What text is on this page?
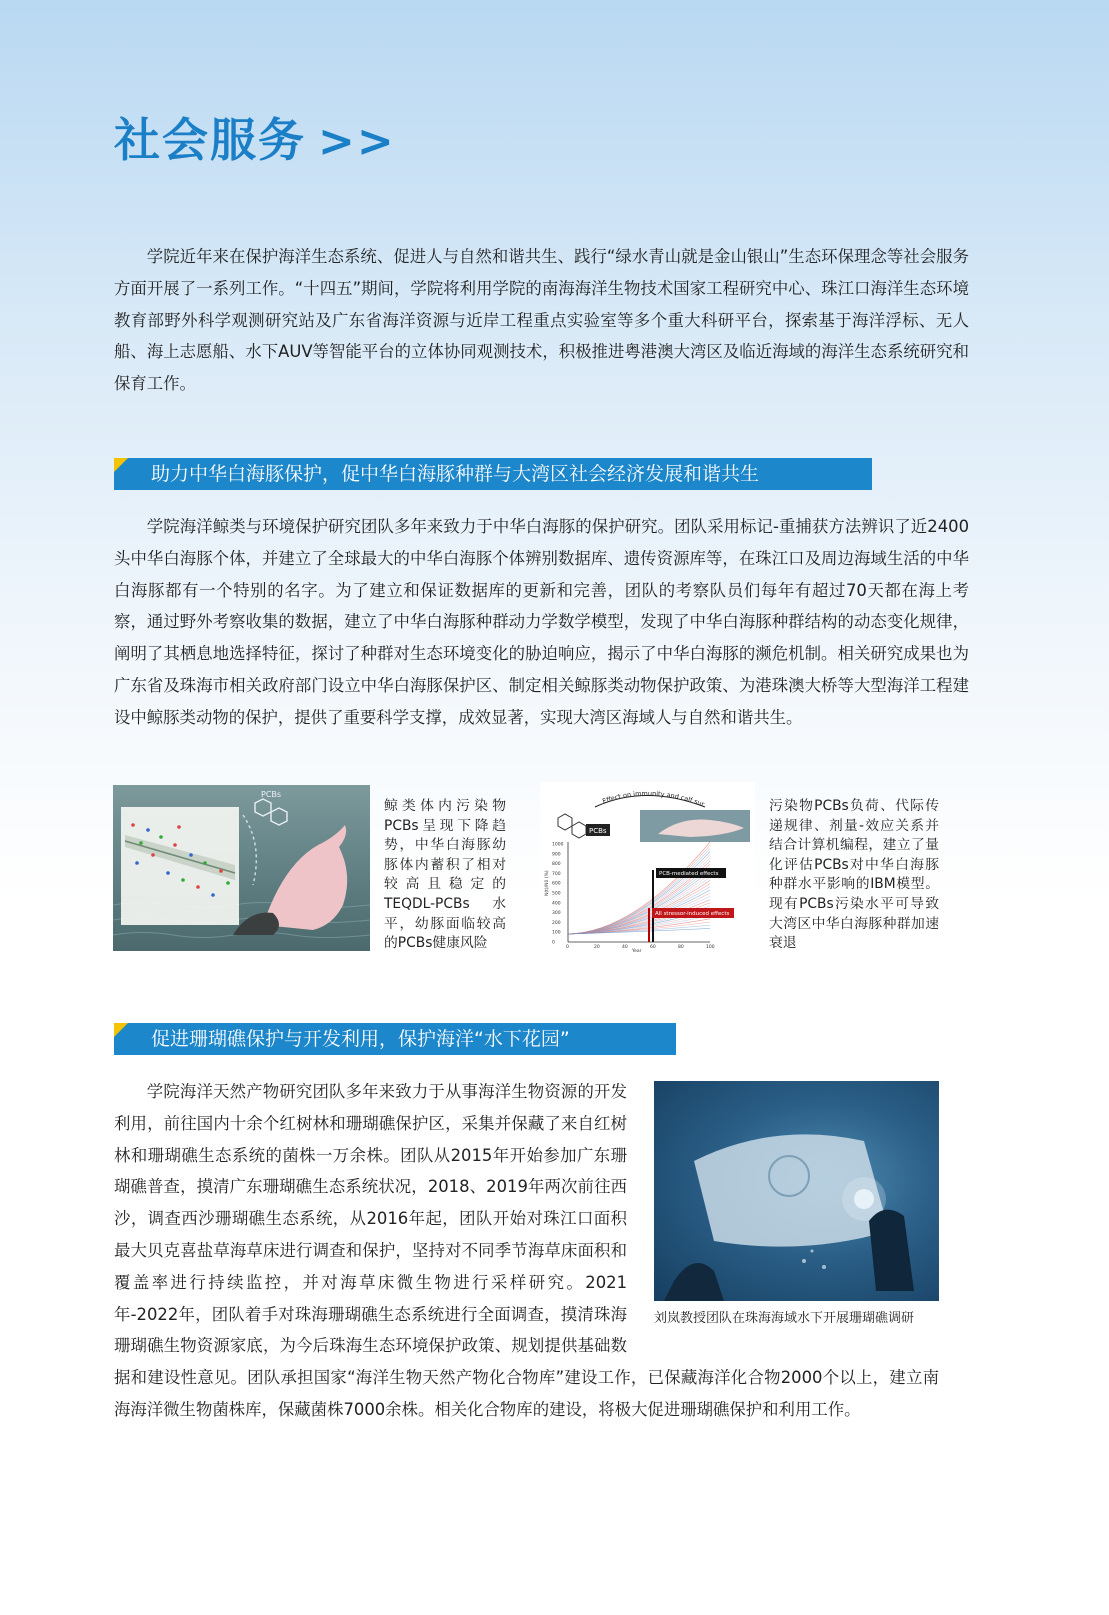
社会服务 >>

学院近年来在保护海洋生态系统、促进人与自然和谐共生、践行“绿水青山就是金山银山”生态环保理念等社会服务方面开展了一系列工作。“十四五”期间，学院将利用学院的南海海洋生物技术国家工程研究中心、珠江口海洋生态环境教育部野外科学观测研究站及广东省海洋资源与近岸工程重点实验室等多个重大科研平台，探索基于海洋浮标、无人船、海上志愿船、水下AUV等智能平台的立体协同观测技术，积极推进粤港澳大湾区及临近海域的海洋生态系统研究和保育工作。

助力中华白海豚保护，促中华白海豚种群与大湾区社会经济发展和谐共生

学院海洋鲸类与环境保护研究团队多年来致力于中华白海豚的保护研究。团队采用标记-重捕获方法辨识了近2400头中华白海豚个体，并建立了全球最大的中华白海豚个体辨别数据库、遗传资源库等，在珠江口及周边海域生活的中华白海豚都有一个特别的名字。为了建立和保证数据库的更新和完善，团队的考察队员们每年有超过70天都在海上考察，通过野外考察收集的数据，建立了中华白海豚种群动力学数学模型，发现了中华白海豚种群结构的动态变化规律，阐明了其栖息地选择特征，探讨了种群对生态环境变化的胁迫响应，揭示了中华白海豚的濒危机制。相关研究成果也为广东省及珠海市相关政府部门设立中华白海豚保护区、制定相关鲸豚类动物保护政策、为港珠澳大桥等大型海洋工程建设中鲸豚类动物的保护，提供了重要科学支撑，成效显著，实现大湾区海域人与自然和谐共生。

PCBs
鲸类体内污染物PCBs呈现下降趋势，中华白海豚幼豚体内蓄积了相对较高且稳定的TEQDL-PCBs水平，幼豚面临较高的PCBs健康风险
Effect on immunity and calf sur
PCBs
1000
900
800
700
600
500
400
300
200
100
0
0	20	40	60	80	100
N(t)/N0 (%)
Year
PCB-mediated effects
All stressor-induced effects
污染物PCBs负荷、代际传递规律、剂量-效应关系并结合计算机编程，建立了量化评估PCBs对中华白海豚种群水平影响的IBM模型。现有PCBs污染水平可导致大湾区中华白海豚种群加速衰退
促进珊瑚礁保护与开发利用，保护海洋“水下花园”
刘岚教授团队在珠海海域水下开展珊瑚礁调研

学院海洋天然产物研究团队多年来致力于从事海洋生物资源的开发利用，前往国内十余个红树林和珊瑚礁保护区，采集并保藏了来自红树林和珊瑚礁生态系统的菌株一万余株。团队从2015年开始参加广东珊瑚礁普查，摸清广东珊瑚礁生态系统状况，2018、2019年两次前往西沙，调查西沙珊瑚礁生态系统，从2016年起，团队开始对珠江口面积最大贝克喜盐草海草床进行调查和保护，坚持对不同季节海草床面积和覆盖率进行持续监控，并对海草床微生物进行采样研究。2021年-2022年，团队着手对珠海珊瑚礁生态系统进行全面调查，摸清珠海珊瑚礁生物资源家底，为今后珠海生态环境保护政策、规划提供基础数据和建设性意见。团队承担国家“海洋生物天然产物化合物库”建设工作，已保藏海洋化合物2000个以上，建立南海海洋微生物菌株库，保藏菌株7000余株。相关化合物库的建设，将极大促进珊瑚礁保护和利用工作。
